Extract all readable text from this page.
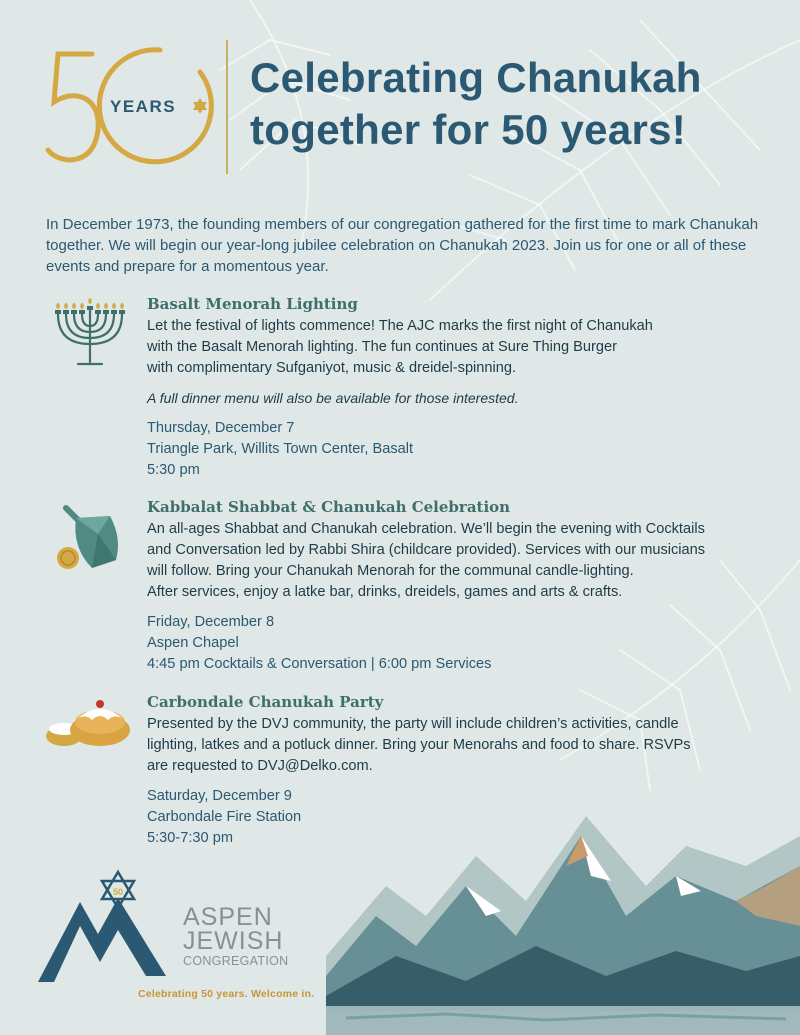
YEARS
Celebrating Chanukah
together for 50 years!

In December 1973, the founding members of our congregation gathered for the first time to mark Chanukah together. We will begin our year-long jubilee celebration on Chanukah 2023. Join us for one or all of these events and prepare for a momentous year.

Basalt Menorah Lighting

Let the festival of lights commence! The AJC marks the first night of Chanukah

with the Basalt Menorah lighting. The fun continues at Sure Thing Burger

with complimentary Sufganiyot, music & dreidel-spinning.

A full dinner menu will also be available for those interested.

Thursday, December 7
Triangle Park, Willits Town Center, Basalt
5:30 pm
Kabbalat Shabbat & Chanukah Celebration

An all-ages Shabbat and Chanukah celebration. We’ll begin the evening with Cocktails

and Conversation led by Rabbi Shira (childcare provided). Services with our musicians

will follow. Bring your Chanukah Menorah for the communal candle-lighting.

After services, enjoy a latke bar, drinks, dreidels, games and arts & crafts.

Friday, December 8
Aspen Chapel
4:45 pm Cocktails & Conversation | 6:00 pm Services
Carbondale Chanukah Party

Presented by the DVJ community, the party will include children’s activities, candle

lighting, latkes and a potluck dinner. Bring your Menorahs and food to share. RSVPs

are requested to DVJ@Delko.com.

Saturday, December 9
Carbondale Fire Station
5:30-7:30 pm
50
ASPEN
JEWISH
CONGREGATION
Celebrating 50 years. Welcome in.
